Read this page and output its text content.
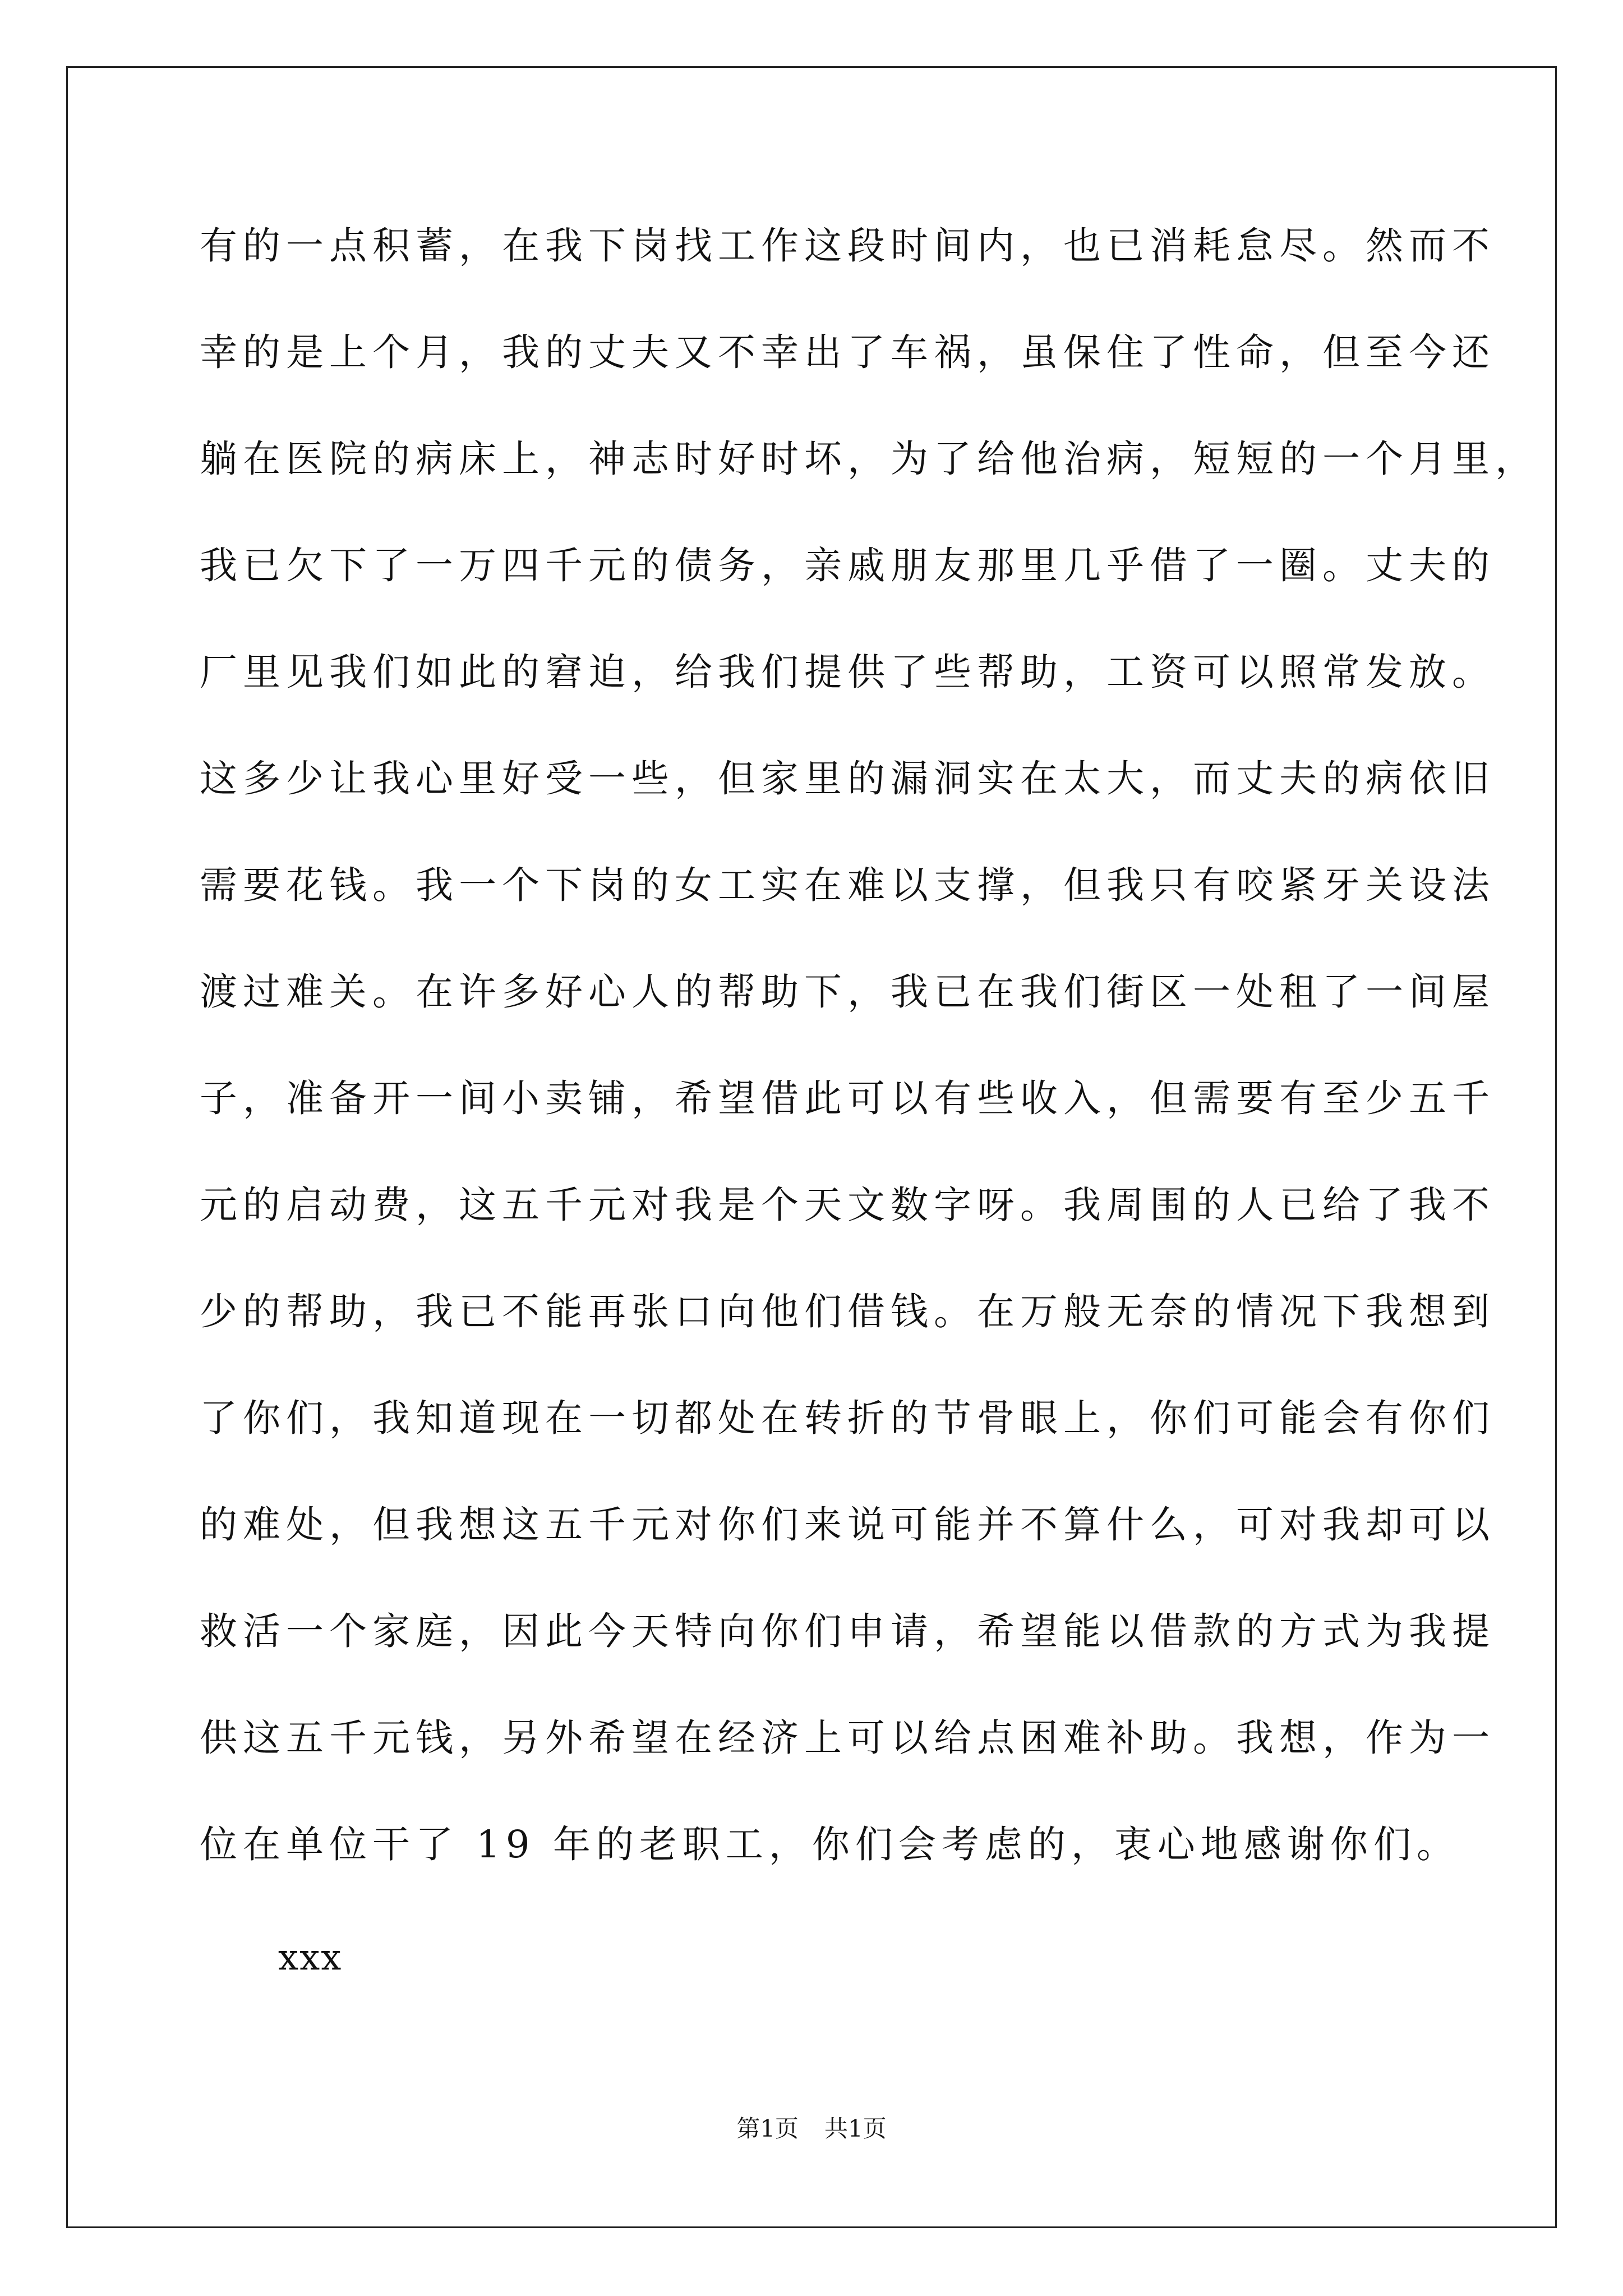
有的一点积蓄，在我下岗找工作这段时间内，也已消耗怠尽。然而不
幸的是上个月，我的丈夫又不幸出了车祸，虽保住了性命，但至今还
躺在医院的病床上，神志时好时坏，为了给他治病，短短的一个月里，
我已欠下了一万四千元的债务，亲戚朋友那里几乎借了一圈。丈夫的
厂里见我们如此的窘迫，给我们提供了些帮助，工资可以照常发放。
这多少让我心里好受一些，但家里的漏洞实在太大，而丈夫的病依旧
需要花钱。我一个下岗的女工实在难以支撑，但我只有咬紧牙关设法
渡过难关。在许多好心人的帮助下，我已在我们街区一处租了一间屋
子，准备开一间小卖铺，希望借此可以有些收入，但需要有至少五千
元的启动费，这五千元对我是个天文数字呀。我周围的人已给了我不
少的帮助，我已不能再张口向他们借钱。在万般无奈的情况下我想到
了你们，我知道现在一切都处在转折的节骨眼上，你们可能会有你们
的难处，但我想这五千元对你们来说可能并不算什么，可对我却可以
救活一个家庭，因此今天特向你们申请，希望能以借款的方式为我提
供这五千元钱，另外希望在经济上可以给点困难补助。我想，作为一
位在单位干了 19 年的老职工，你们会考虑的，衷心地感谢你们。
xxx
第1页 共1页
